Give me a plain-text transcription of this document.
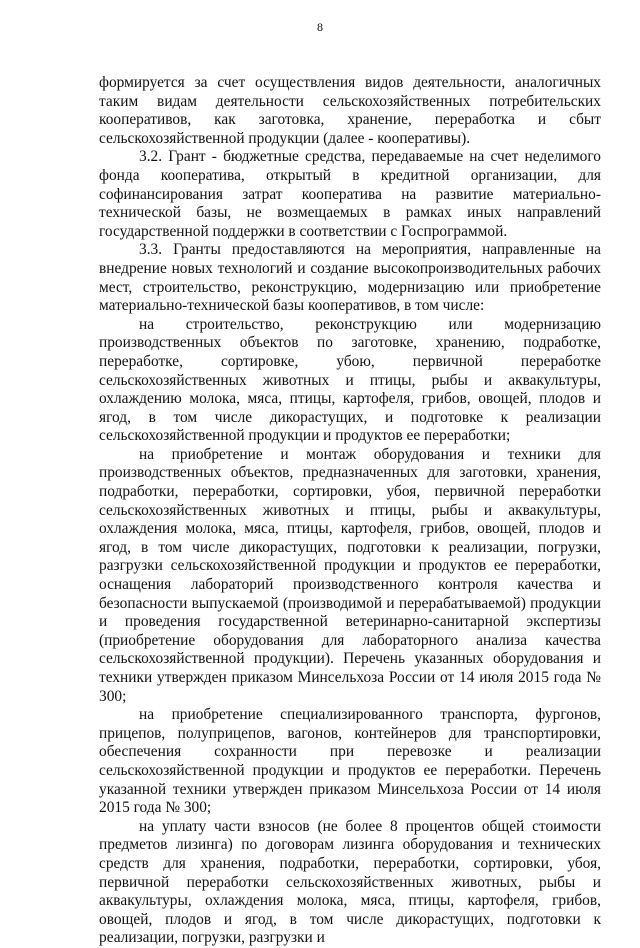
8

формируется за счет осуществления видов деятельности, аналогичных таким видам деятельности сельскохозяйственных потребительских кооперативов, как заготовка, хранение, переработка и сбыт сельскохозяйственной продукции (далее - кооперативы).

3.2. Грант - бюджетные средства, передаваемые на счет неделимого фонда кооператива, открытый в кредитной организации, для софинансирования затрат кооператива на развитие материально-технической базы, не возмещаемых в рамках иных направлений государственной поддержки в соответствии с Госпрограммой.

3.3. Гранты предоставляются на мероприятия, направленные на внедрение новых технологий и создание высокопроизводительных рабочих мест, строительство, реконструкцию, модернизацию или приобретение материально-технической базы кооперативов, в том числе:

на строительство, реконструкцию или модернизацию производственных объектов по заготовке, хранению, подработке, переработке, сортировке, убою, первичной переработке сельскохозяйственных животных и птицы, рыбы и аквакультуры, охлаждению молока, мяса, птицы, картофеля, грибов, овощей, плодов и ягод, в том числе дикорастущих, и подготовке к реализации сельскохозяйственной продукции и продуктов ее переработки;

на приобретение и монтаж оборудования и техники для производственных объектов, предназначенных для заготовки, хранения, подработки, переработки, сортировки, убоя, первичной переработки сельскохозяйственных животных и птицы, рыбы и аквакультуры, охлаждения молока, мяса, птицы, картофеля, грибов, овощей, плодов и ягод, в том числе дикорастущих, подготовки к реализации, погрузки, разгрузки сельскохозяйственной продукции и продуктов ее переработки, оснащения лабораторий производственного контроля качества и безопасности выпускаемой (производимой и перерабатываемой) продукции и проведения государственной ветеринарно-санитарной экспертизы (приобретение оборудования для лабораторного анализа качества сельскохозяйственной продукции). Перечень указанных оборудования и техники утвержден приказом Минсельхоза России от 14 июля 2015 года № 300;

на приобретение специализированного транспорта, фургонов, прицепов, полуприцепов, вагонов, контейнеров для транспортировки, обеспечения сохранности при перевозке и реализации сельскохозяйственной продукции и продуктов ее переработки. Перечень указанной техники утвержден приказом Минсельхоза России от 14 июля 2015 года № 300;

на уплату части взносов (не более 8 процентов общей стоимости предметов лизинга) по договорам лизинга оборудования и технических средств для хранения, подработки, переработки, сортировки, убоя, первичной переработки сельскохозяйственных животных, рыбы и аквакультуры, охлаждения молока, мяса, птицы, картофеля, грибов, овощей, плодов и ягод, в том числе дикорастущих, подготовки к реализации, погрузки, разгрузки и
